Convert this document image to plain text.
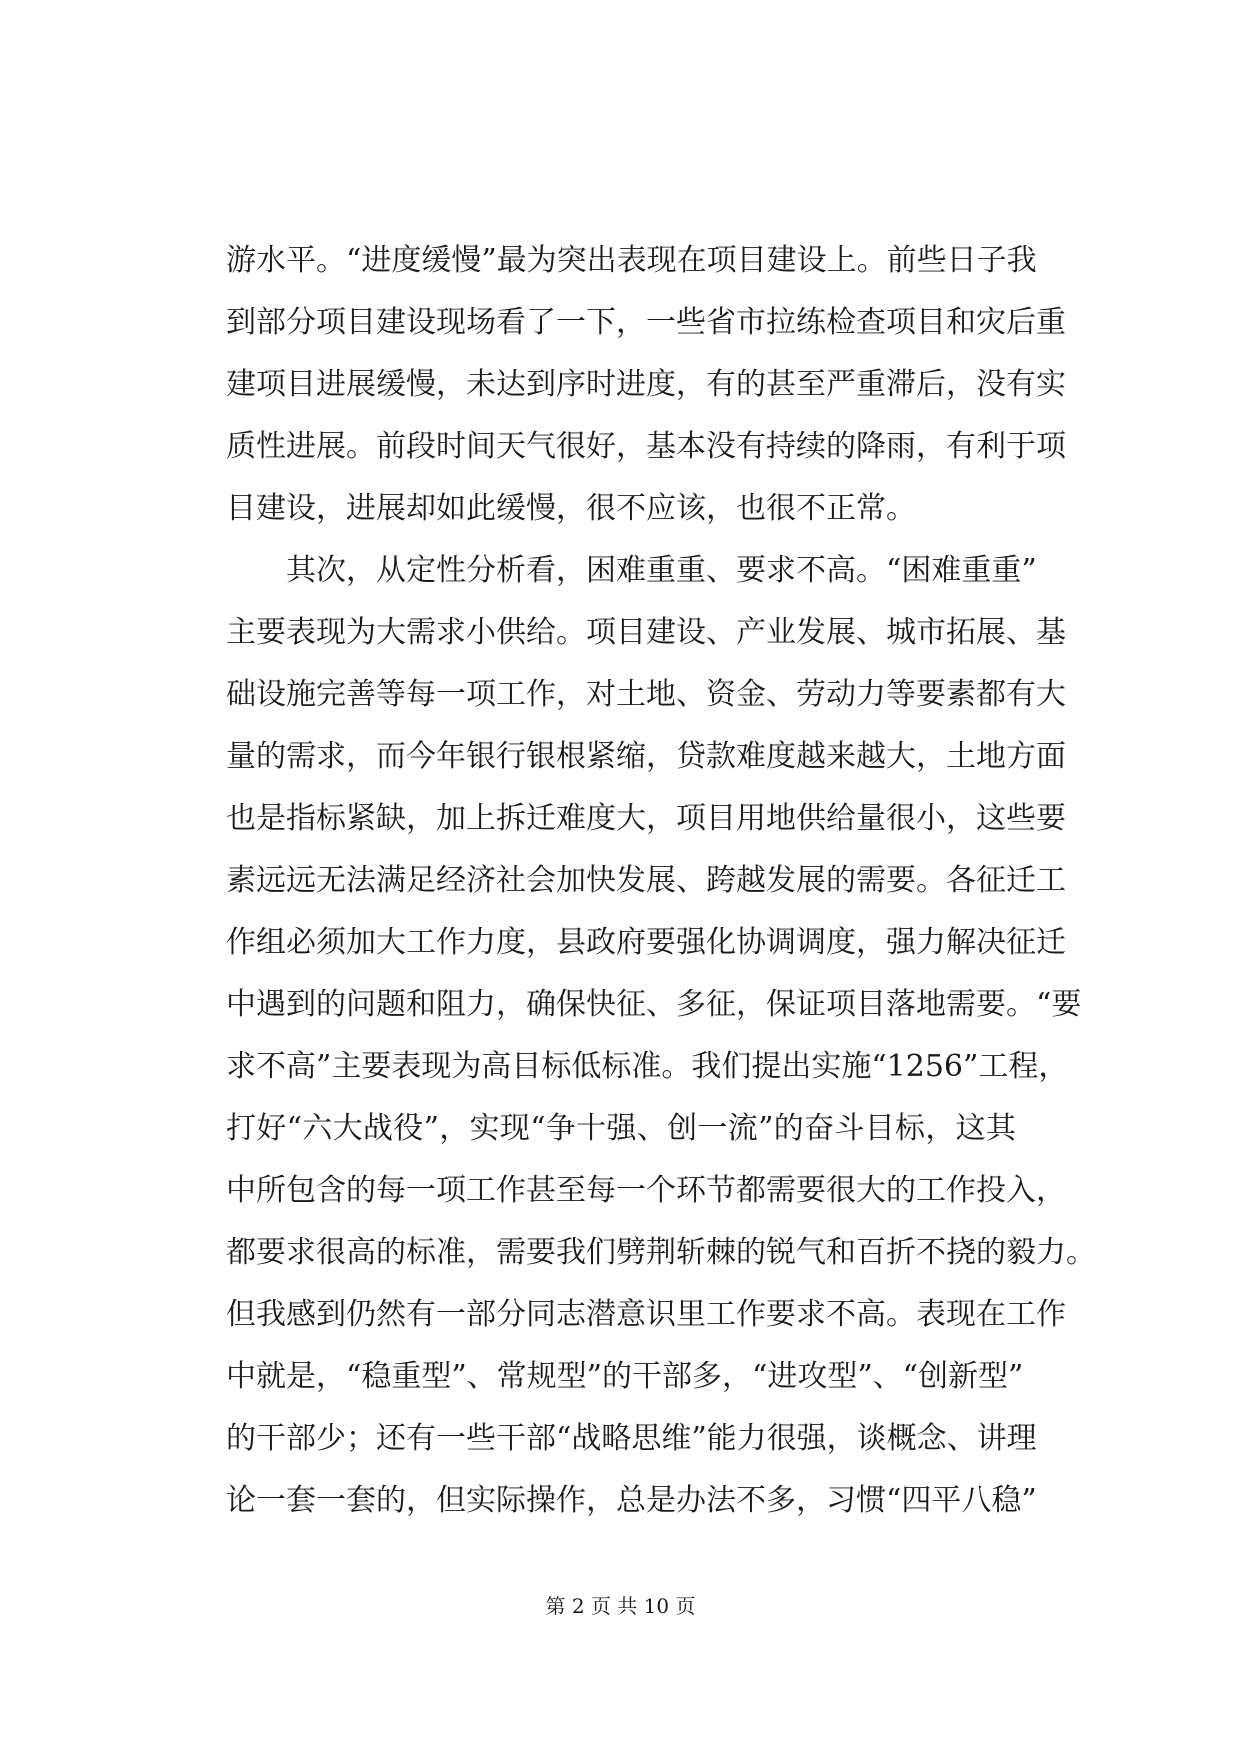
游水平。“进度缓慢”最为突出表现在项目建设上。前些日子我
到部分项目建设现场看了一下，一些省市拉练检查项目和灾后重
建项目进展缓慢，未达到序时进度，有的甚至严重滞后，没有实
质性进展。前段时间天气很好，基本没有持续的降雨，有利于项
目建设，进展却如此缓慢，很不应该，也很不正常。
　　其次，从定性分析看，困难重重、要求不高。“困难重重”
主要表现为大需求小供给。项目建设、产业发展、城市拓展、基
础设施完善等每一项工作，对土地、资金、劳动力等要素都有大
量的需求，而今年银行银根紧缩，贷款难度越来越大，土地方面
也是指标紧缺，加上拆迁难度大，项目用地供给量很小，这些要
素远远无法满足经济社会加快发展、跨越发展的需要。各征迁工
作组必须加大工作力度，县政府要强化协调调度，强力解决征迁
中遇到的问题和阻力，确保快征、多征，保证项目落地需要。“要
求不高”主要表现为高目标低标准。我们提出实施“1256”工程，
打好“六大战役”，实现“争十强、创一流”的奋斗目标，这其
中所包含的每一项工作甚至每一个环节都需要很大的工作投入，
都要求很高的标准，需要我们劈荆斩棘的锐气和百折不挠的毅力。
但我感到仍然有一部分同志潜意识里工作要求不高。表现在工作
中就是，“稳重型”、常规型”的干部多，“进攻型”、“创新型”
的干部少；还有一些干部“战略思维”能力很强，谈概念、讲理
论一套一套的，但实际操作，总是办法不多，习惯“四平八稳”
第 2 页 共 10 页
